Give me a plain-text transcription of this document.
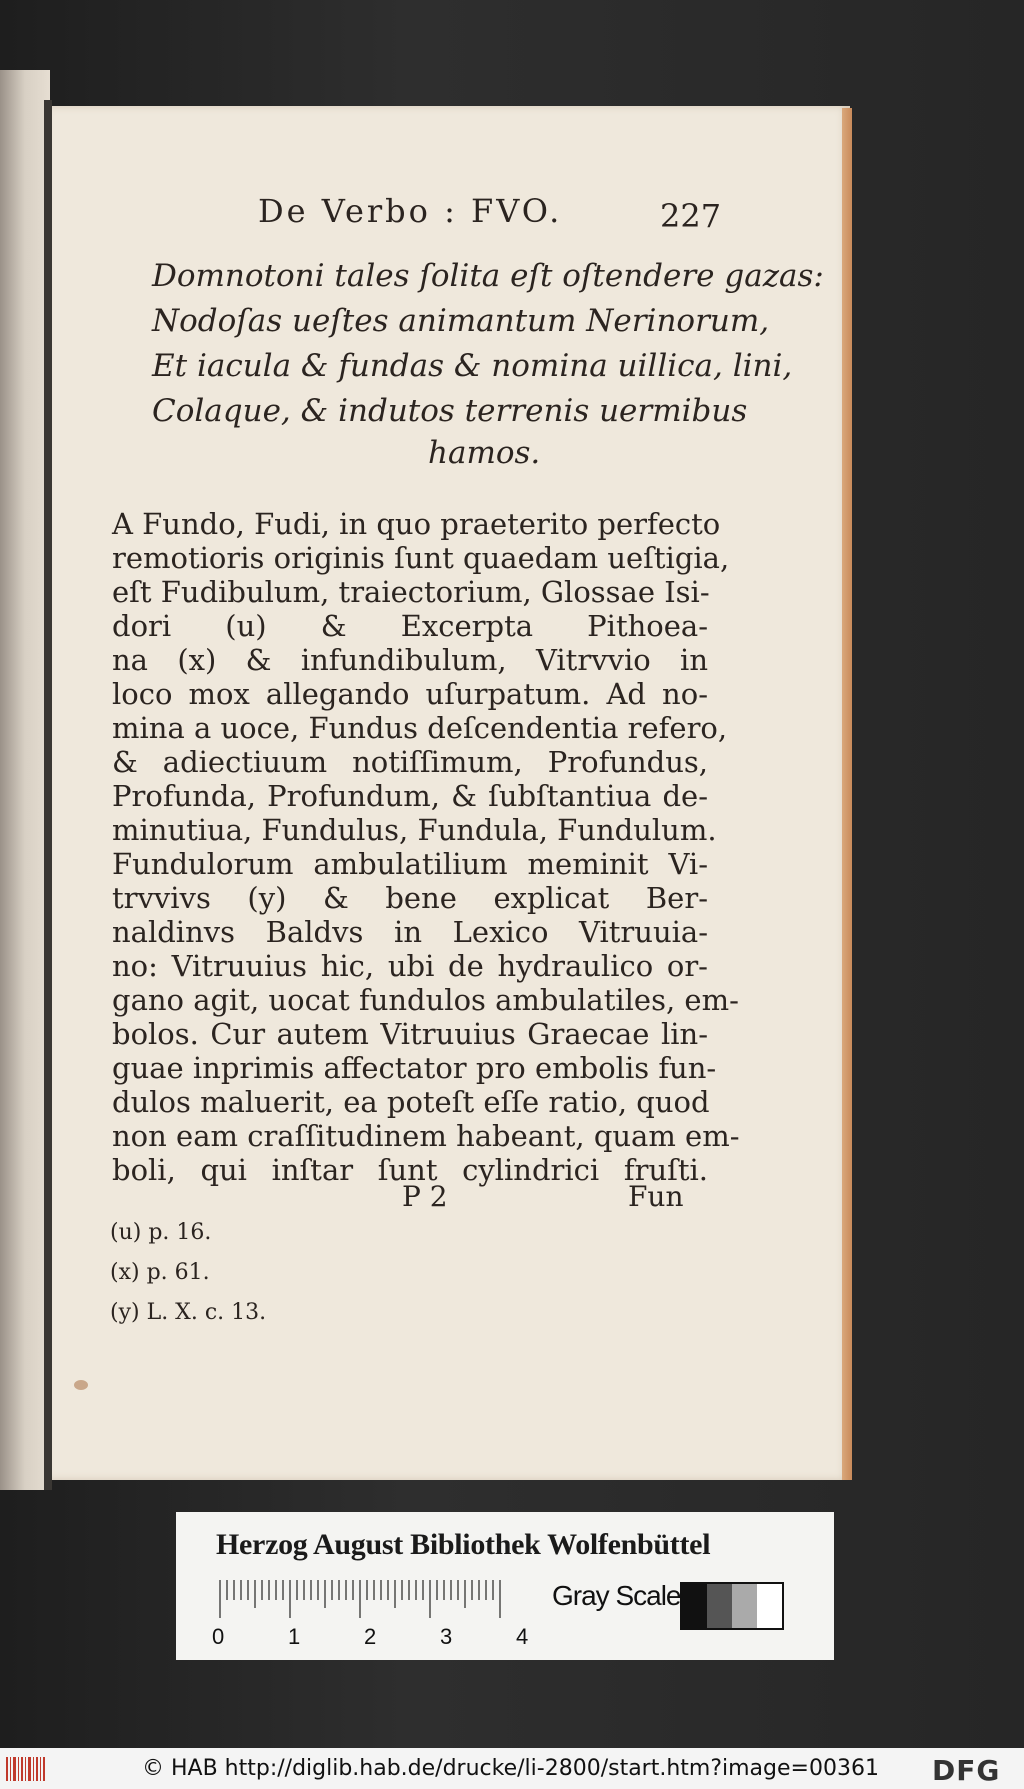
De Verbo : FVO.	227
Domnotoni tales ſolita eſt oſtendere gazas:
Nodoſas ueſtes animantum Nerinorum,
Et iacula & fundas & nomina uillica, lini,
Colaque, & indutos terrenis uermibus
hamos.
A Fundo, Fudi, in quo praeterito perfecto
remotioris originis ſunt quaedam ueſtigia,
eſt Fudibulum, traiectorium, Glossae Isi-
dori (u) & Excerpta Pithoea-
na (x) & infundibulum, Vitrvvio in
loco mox allegando uſurpatum. Ad no-
mina a uoce, Fundus deſcendentia refero,
& adiectiuum notiſſimum, Profundus,
Profunda, Profundum, & ſubſtantiua de-
minutiua, Fundulus, Fundula, Fundulum.
Fundulorum ambulatilium meminit Vi-
trvvivs (y) & bene explicat Ber-
naldinvs Baldvs in Lexico Vitruuia-
no: Vitruuius hic, ubi de hydraulico or-
gano agit, uocat fundulos ambulatiles, em-
bolos. Cur autem Vitruuius Graecae lin-
guae inprimis affectator pro embolis fun-
dulos maluerit, ea poteſt eſſe ratio, quod
non eam craſſitudinem habeant, quam em-
boli, qui inſtar ſunt cylindrici fruſti.
P 2	Fun
(u) p. 16.
(x) p. 61.
(y) L. X. c. 13.
Herzog August Bibliothek Wolfenbüttel
0	1	2	3	4
Gray Scale
© HAB http://diglib.hab.de/drucke/li-2800/start.htm?image=00361 DFG
